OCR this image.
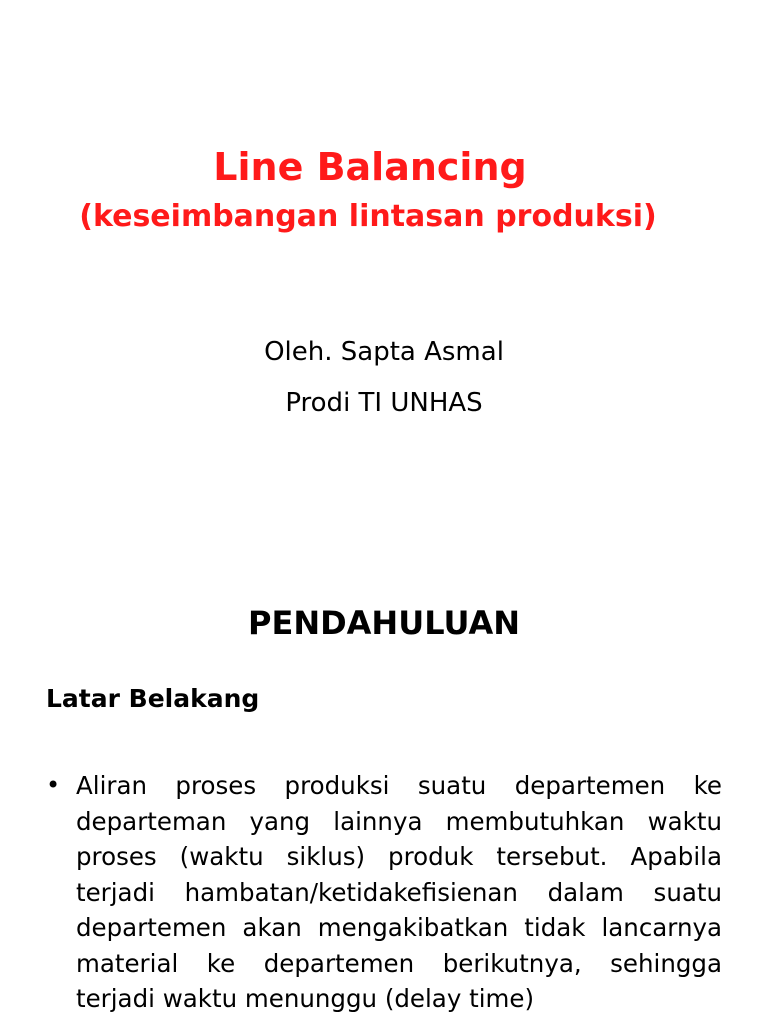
Line Balancing
(keseimbangan lintasan produksi)

Oleh. Sapta Asmal

Prodi TI UNHAS

PENDAHULUAN
Latar Belakang
• Aliran proses produksi suatu departemen ke departeman yang lainnya membutuhkan waktu proses (waktu siklus) produk tersebut. Apabila terjadi hambatan/ketidakefisienan dalam suatu departemen akan mengakibatkan tidak lancarnya material ke departemen berikutnya, sehingga terjadi waktu menunggu (delay time)
